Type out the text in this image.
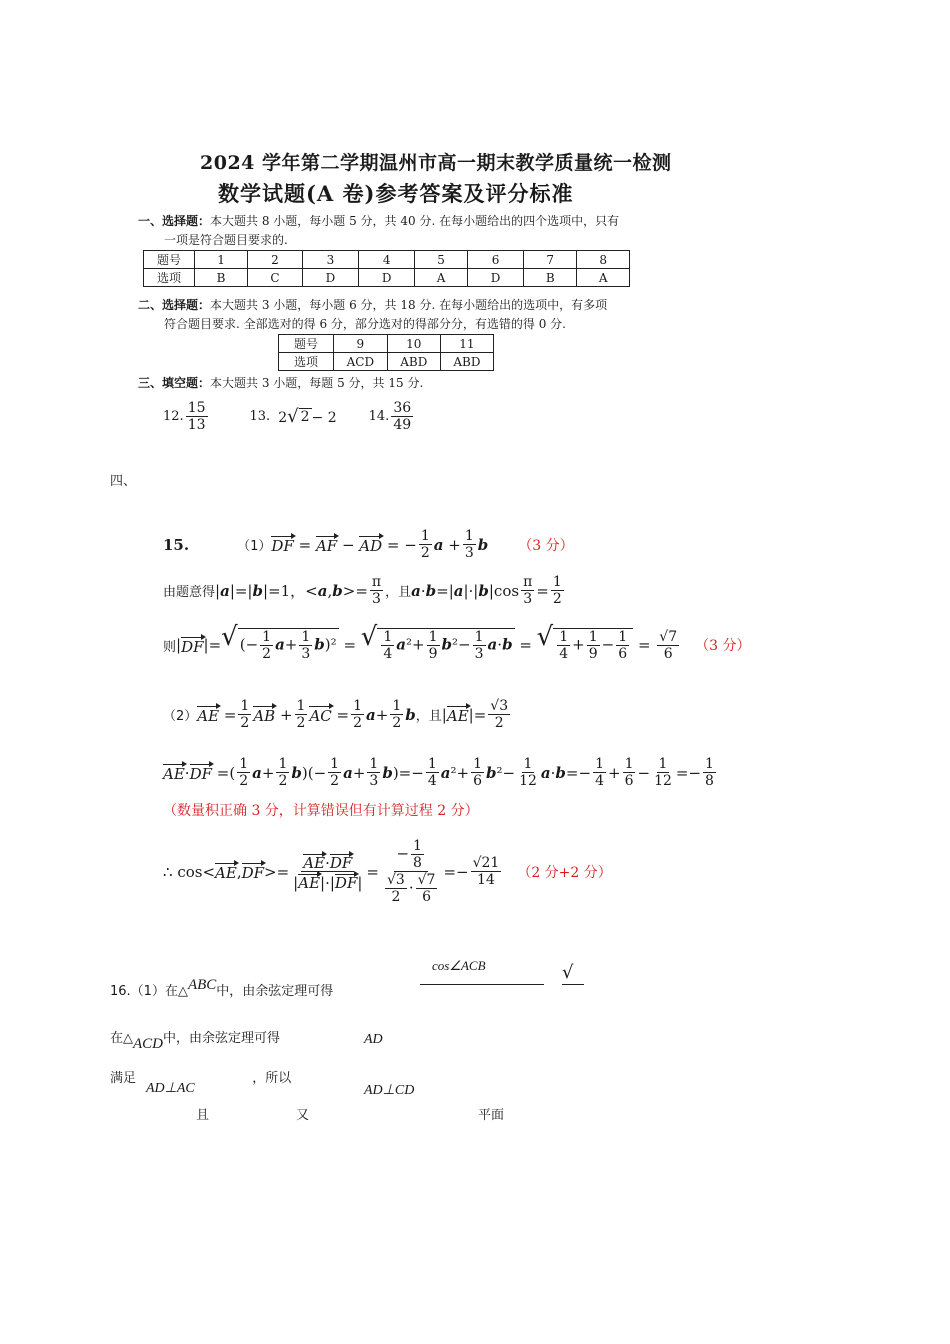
2024 学年第二学期温州市高一期末教学质量统一检测
数学试题(A 卷)参考答案及评分标准
一、选择题：本大题共 8 小题，每小题 5 分，共 40 分. 在每小题给出的四个选项中，只有
一项是符合题目要求的.
题号	1	2	3	4	5	6	7	8
选项	B	C	D	D	A	D	B	A
二、选择题：本大题共 3 小题，每小题 6 分，共 18 分. 在每小题给出的选项中，有多项
符合题目要求. 全部选对的得 6 分，部分选对的得部分分，有选错的得 0 分.
题号	9	10	11
选项	ACD	ABD	ABD
三、填空题：本大题共 3 小题，每题 5 分，共 15 分.
12. $\frac{15}{13}$	13. 2 √ 2 − 2 14. $\frac{36}{49}$
四、
15.	（1） DF = AF − AD = − $\frac{1}{2}$ $a + \frac{1}{3}$ b （3 分）
由题意得 | a |=| b |=1，< a , $b >= \frac{\pi}{3}$ ，且 a · b =| a |·| b $|\cos \frac{\pi}{3} = \frac{1}{2}$
则 | DF |= √ (− $\frac{1}{2} a+ \frac{1}{3} b)^2$ = √ $\frac{1}{4} a^2+ \frac{1}{9} b^2- \frac{1}{3} a\cdot b$ = √ $\frac{1}{4} + \frac{1}{9} - \frac{1}{6} = \frac{√7}{6} (3$ 分）
（2） AE = $\frac{1}{2}$ AB + $\frac{1}{2}$ AC = $\frac{1}{2}$ $a + \frac{1}{2}$ b ，且 | AE |= $\frac{√3}{2}$
AE · DF =( $\frac{1}{2}$ $a + \frac{1}{2}$ b )(− $\frac{1}{2}$ $a + \frac{1}{3}$ b )=− $\frac{1}{4}$ a $^2+ \frac{1}{6}$ b $^2- \frac{1}{12}$ $a \cdot b =- \frac{1}{4} + \frac{1}{6} - \frac{1}{12} =- \frac{1}{8}$
（数量积正确 3 分，计算错误但有计算过程 2 分）
∴ cos< AE , DF >= $\frac{AE\cdot DF}{|AE|\cdot|DF|} = \frac{- \frac{1}{8}}{\frac{√3}{2} \cdot \frac{√7}{6}} =- \frac{√21}{14} (2$ 分+2 分）
16.（1）在△ABC中，由余弦定理可得
cos∠ACB	√
在△ACD中，由余弦定理可得	AD
满足	，所以
AD⊥AC	AD⊥CD
且	又	平面
